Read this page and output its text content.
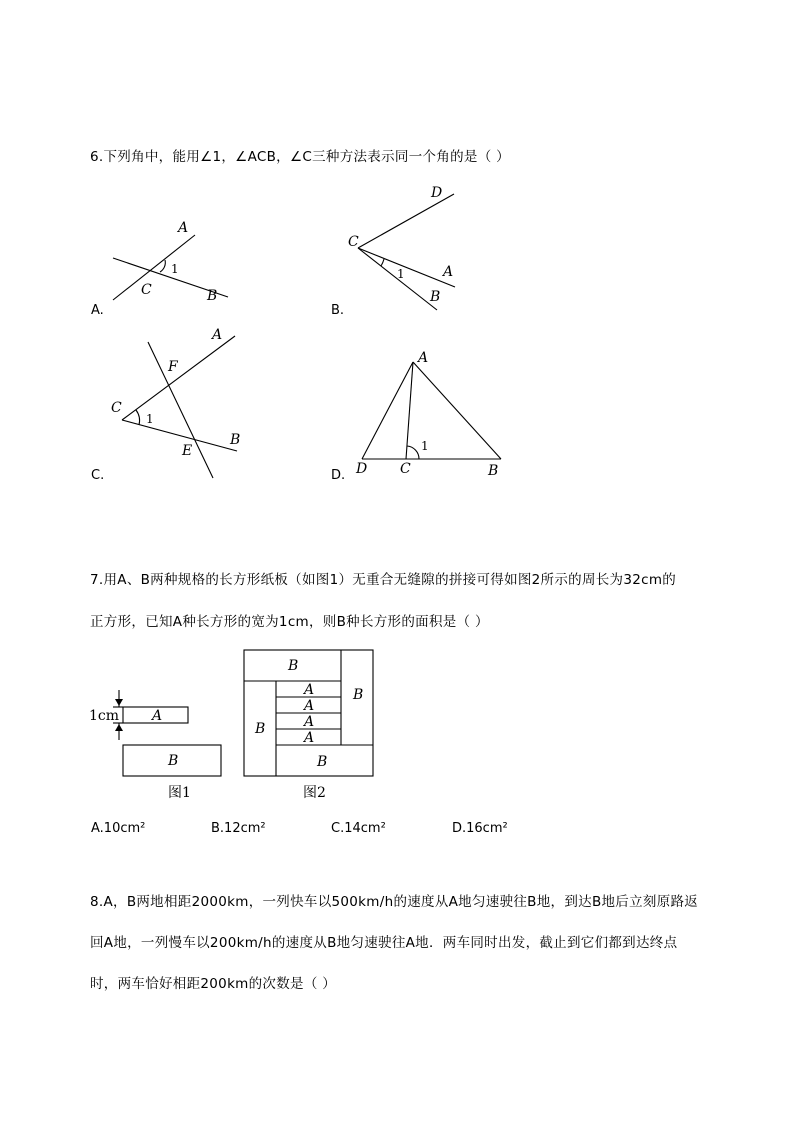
6.下列角中，能用∠1，∠ACB，∠C三种方法表示同一个角的是（ ）
A
C	B
1
D
C
A
B
1
A
F
C
1
B
E
A
D C	B
1
A.	B.
C.	D.
7.用A、B两种规格的长方形纸板（如图1）无重合无缝隙的拼接可得如图2所示的周长为32cm的
正方形，已知A种长方形的宽为1cm，则B种长方形的面积是（ ）
1cm A
B
图1
B
B
B
B
A
A
A
A
图2
A.10cm²	B.12cm²	C.14cm²	D.16cm²
8.A，B两地相距2000km，一列快车以500km/h的速度从A地匀速驶往B地，到达B地后立刻原路返
回A地，一列慢车以200km/h的速度从B地匀速驶往A地．两车同时出发，截止到它们都到达终点
时，两车恰好相距200km的次数是（ ）
